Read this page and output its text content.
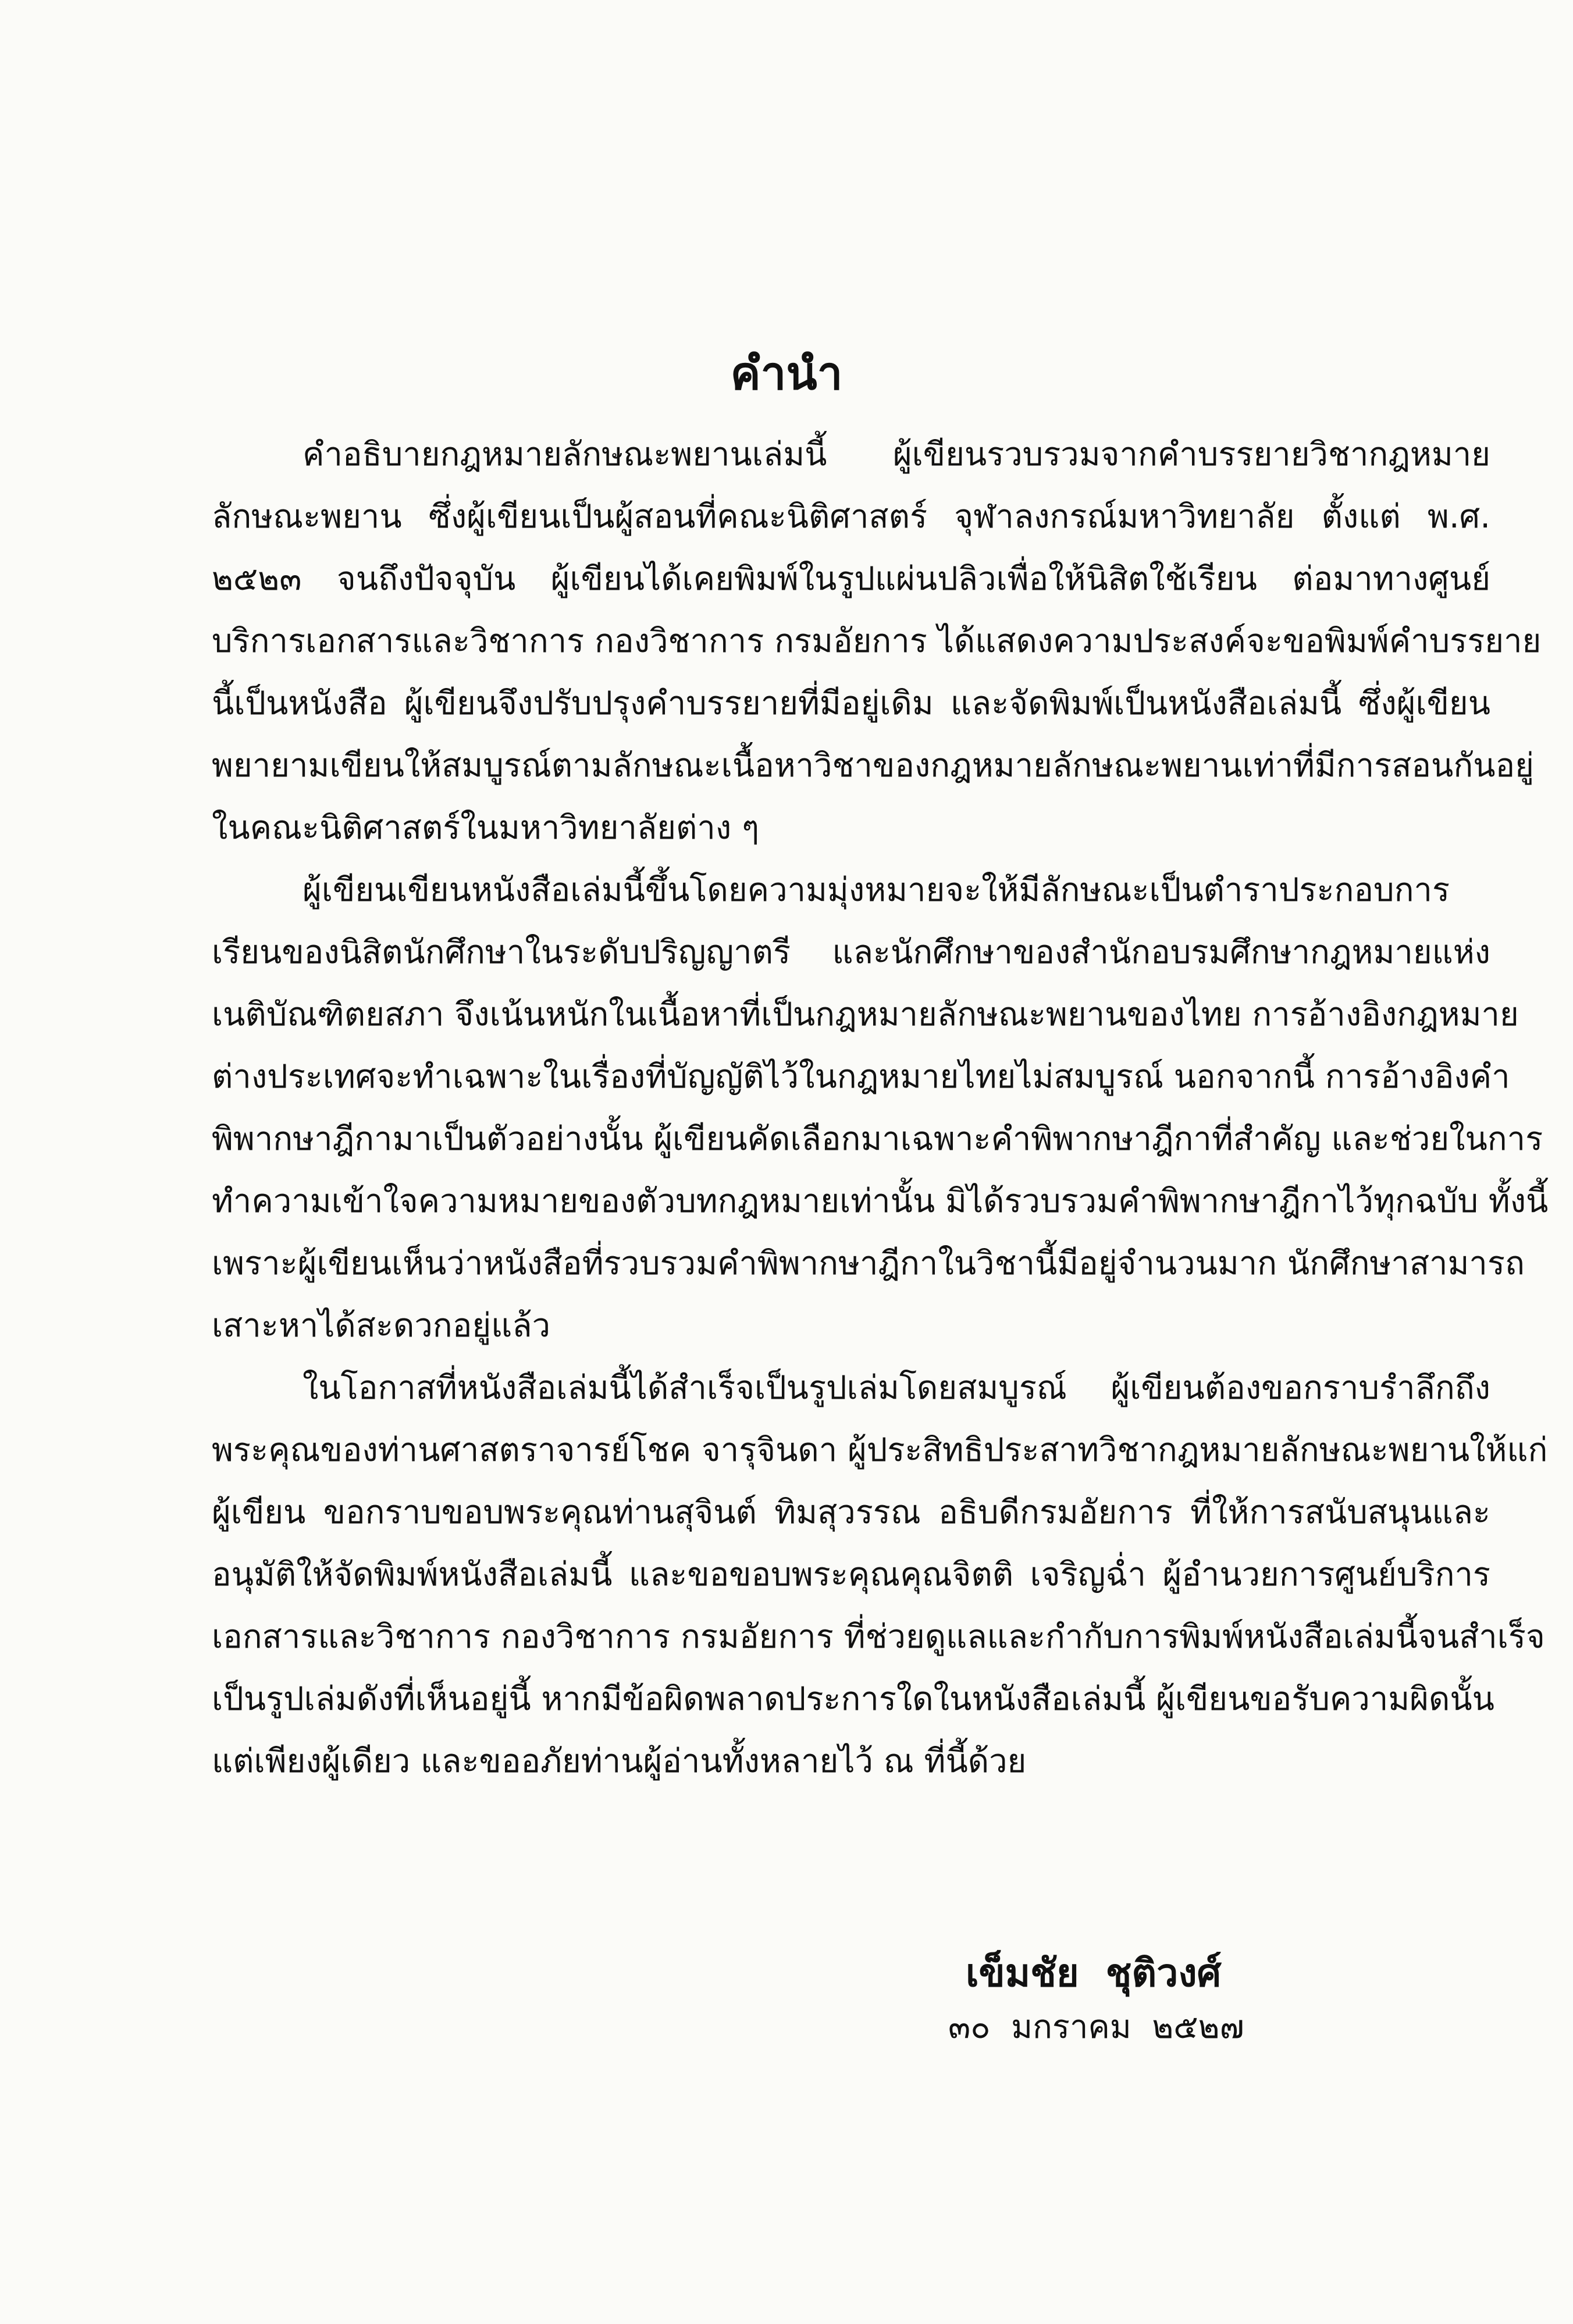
คำนำ
คำอธิบายกฎหมายลักษณะพยานเล่มนี้ ผู้เขียนรวบรวมจากคำบรรยายวิชากฎหมาย
ลักษณะพยาน ซึ่งผู้เขียนเป็นผู้สอนที่คณะนิติศาสตร์ จุฬาลงกรณ์มหาวิทยาลัย ตั้งแต่ พ.ศ.
๒๕๒๓ จนถึงปัจจุบัน ผู้เขียนได้เคยพิมพ์ในรูปแผ่นปลิวเพื่อให้นิสิตใช้เรียน ต่อมาทางศูนย์
บริการเอกสารและวิชาการ กองวิชาการ กรมอัยการ ได้แสดงความประสงค์จะขอพิมพ์คำบรรยาย
นี้เป็นหนังสือ ผู้เขียนจึงปรับปรุงคำบรรยายที่มีอยู่เดิม และจัดพิมพ์เป็นหนังสือเล่มนี้ ซึ่งผู้เขียน
พยายามเขียนให้สมบูรณ์ตามลักษณะเนื้อหาวิชาของกฎหมายลักษณะพยานเท่าที่มีการสอนกันอยู่
ในคณะนิติศาสตร์ในมหาวิทยาลัยต่าง ๆ
ผู้เขียนเขียนหนังสือเล่มนี้ขึ้นโดยความมุ่งหมายจะให้มีลักษณะเป็นตำราประกอบการ
เรียนของนิสิตนักศึกษาในระดับปริญญาตรี และนักศึกษาของสำนักอบรมศึกษากฎหมายแห่ง
เนติบัณฑิตยสภา จึงเน้นหนักในเนื้อหาที่เป็นกฎหมายลักษณะพยานของไทย การอ้างอิงกฎหมาย
ต่างประเทศจะทำเฉพาะในเรื่องที่บัญญัติไว้ในกฎหมายไทยไม่สมบูรณ์ นอกจากนี้ การอ้างอิงคำ
พิพากษาฎีกามาเป็นตัวอย่างนั้น ผู้เขียนคัดเลือกมาเฉพาะคำพิพากษาฎีกาที่สำคัญ และช่วยในการ
ทำความเข้าใจความหมายของตัวบทกฎหมายเท่านั้น มิได้รวบรวมคำพิพากษาฎีกาไว้ทุกฉบับ ทั้งนี้
เพราะผู้เขียนเห็นว่าหนังสือที่รวบรวมคำพิพากษาฎีกาในวิชานี้มีอยู่จำนวนมาก นักศึกษาสามารถ
เสาะหาได้สะดวกอยู่แล้ว
ในโอกาสที่หนังสือเล่มนี้ได้สำเร็จเป็นรูปเล่มโดยสมบูรณ์ ผู้เขียนต้องขอกราบรำลึกถึง
พระคุณของท่านศาสตราจารย์โชค จารุจินดา ผู้ประสิทธิประสาทวิชากฎหมายลักษณะพยานให้แก่
ผู้เขียน ขอกราบขอบพระคุณท่านสุจินต์ ทิมสุวรรณ อธิบดีกรมอัยการ ที่ให้การสนับสนุนและ
อนุมัติให้จัดพิมพ์หนังสือเล่มนี้ และขอขอบพระคุณคุณจิตติ เจริญฉ่ำ ผู้อำนวยการศูนย์บริการ
เอกสารและวิชาการ กองวิชาการ กรมอัยการ ที่ช่วยดูแลและกำกับการพิมพ์หนังสือเล่มนี้จนสำเร็จ
เป็นรูปเล่มดังที่เห็นอยู่นี้ หากมีข้อผิดพลาดประการใดในหนังสือเล่มนี้ ผู้เขียนขอรับความผิดนั้น
แต่เพียงผู้เดียว และขออภัยท่านผู้อ่านทั้งหลายไว้ ณ ที่นี้ด้วย
เข็มชัย  ชุติวงศ์
๓๐  มกราคม  ๒๕๒๗
